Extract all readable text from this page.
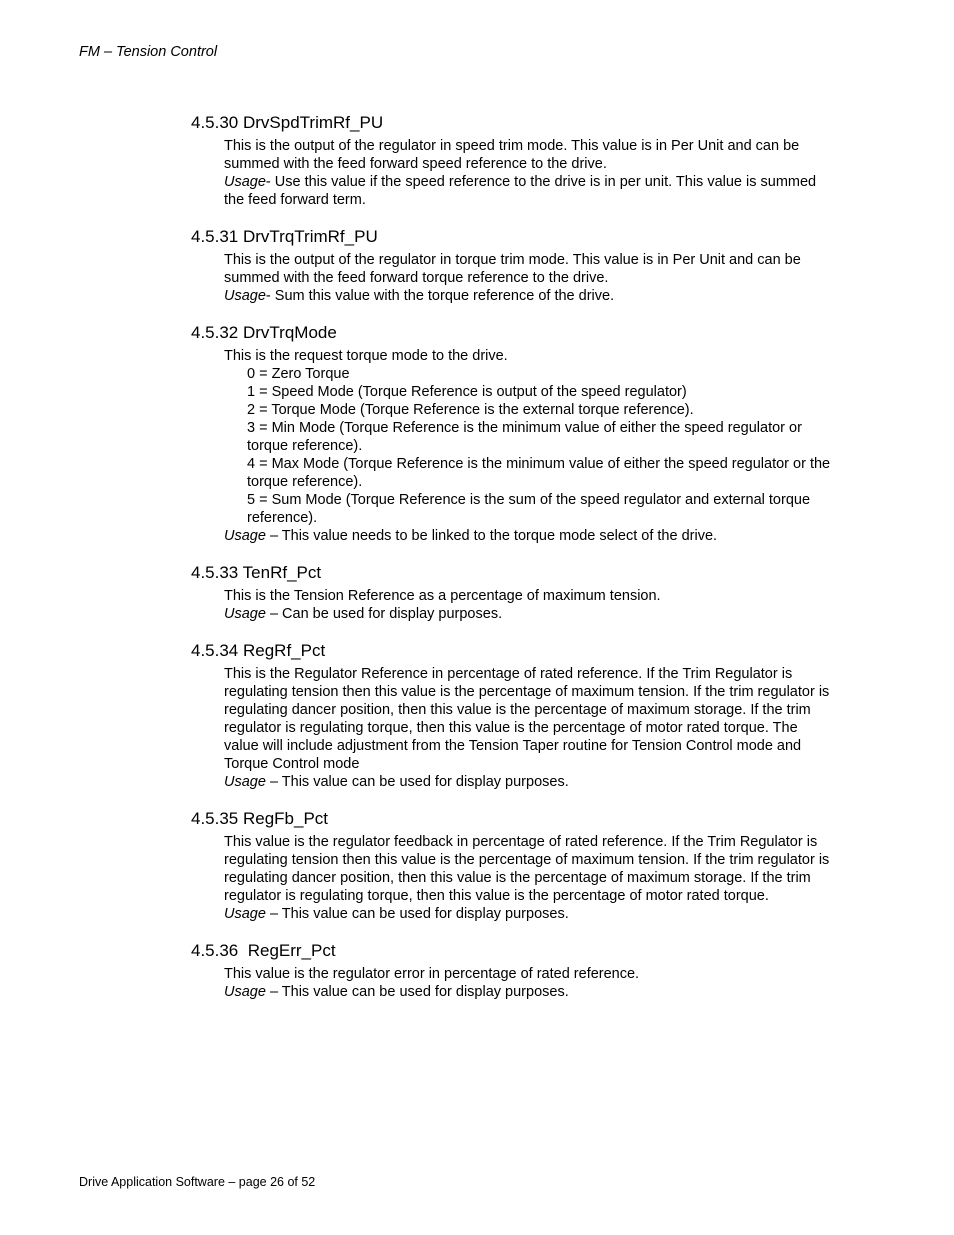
FM – Tension Control
4.5.30 DrvSpdTrimRf_PU

This is the output of the regulator in speed trim mode. This value is in Per Unit and can be summed with the feed forward speed reference to the drive.

Usage- Use this value if the speed reference to the drive is in per unit. This value is summed the feed forward term.

4.5.31 DrvTrqTrimRf_PU

This is the output of the regulator in torque trim mode. This value is in Per Unit and can be summed with the feed forward torque reference to the drive.

Usage- Sum this value with the torque reference of the drive.

4.5.32 DrvTrqMode

This is the request torque mode to the drive.

0 = Zero Torque
1 = Speed Mode (Torque Reference is output of the speed regulator)
2 = Torque Mode (Torque Reference is the external torque reference).
3 = Min Mode (Torque Reference is the minimum value of either the speed regulator or torque reference).
4 = Max Mode (Torque Reference is the minimum value of either the speed regulator or the torque reference).
5 = Sum Mode (Torque Reference is the sum of the speed regulator and external torque reference).

Usage – This value needs to be linked to the torque mode select of the drive.

4.5.33 TenRf_Pct

This is the Tension Reference as a percentage of maximum tension.

Usage – Can be used for display purposes.

4.5.34 RegRf_Pct

This is the Regulator Reference in percentage of rated reference. If the Trim Regulator is regulating tension then this value is the percentage of maximum tension. If the trim regulator is regulating dancer position, then this value is the percentage of maximum storage. If the trim regulator is regulating torque, then this value is the percentage of motor rated torque. The value will include adjustment from the Tension Taper routine for Tension Control mode and Torque Control mode

Usage – This value can be used for display purposes.

4.5.35 RegFb_Pct

This value is the regulator feedback in percentage of rated reference. If the Trim Regulator is regulating tension then this value is the percentage of maximum tension. If the trim regulator is regulating dancer position, then this value is the percentage of maximum storage. If the trim regulator is regulating torque, then this value is the percentage of motor rated torque.

Usage – This value can be used for display purposes.

4.5.36  RegErr_Pct

This value is the regulator error in percentage of rated reference.

Usage – This value can be used for display purposes.

Drive Application Software – page 26 of 52
